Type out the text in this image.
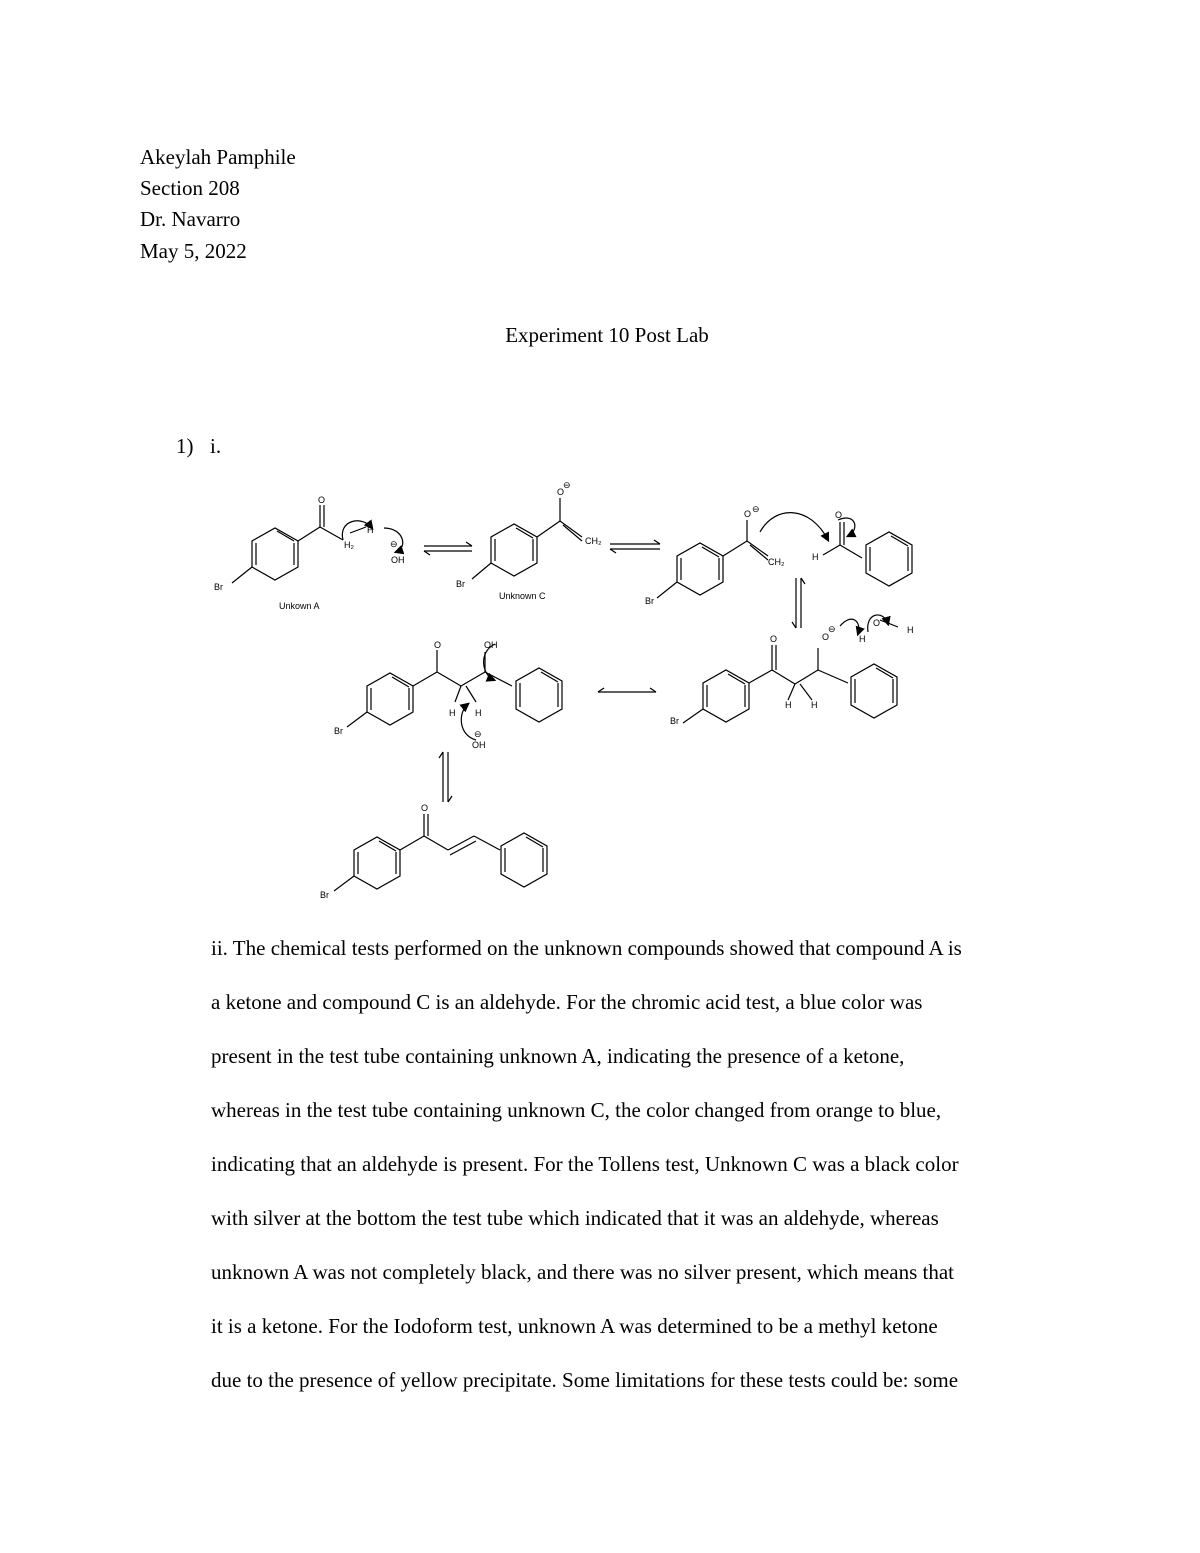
Akeylah Pamphile
Section 208
Dr. Navarro
May 5, 2022
Experiment 10 Post Lab
1) i.
Br
O
H₂
H
⊖
OH
Unkown A
Br
O
⊖
CH₂
Unknown C	Br
O ⊖
CH₂	H
O
Br
O	O
⊖
H
O
H
H H
Br
O	OH
H H
⊖
OH
Br
O
ii. The chemical tests performed on the unknown compounds showed that compound A is
a ketone and compound C is an aldehyde. For the chromic acid test, a blue color was
present in the test tube containing unknown A, indicating the presence of a ketone,
whereas in the test tube containing unknown C, the color changed from orange to blue,
indicating that an aldehyde is present. For the Tollens test, Unknown C was a black color
with silver at the bottom the test tube which indicated that it was an aldehyde, whereas
unknown A was not completely black, and there was no silver present, which means that
it is a ketone. For the Iodoform test, unknown A was determined to be a methyl ketone
due to the presence of yellow precipitate. Some limitations for these tests could be: some
